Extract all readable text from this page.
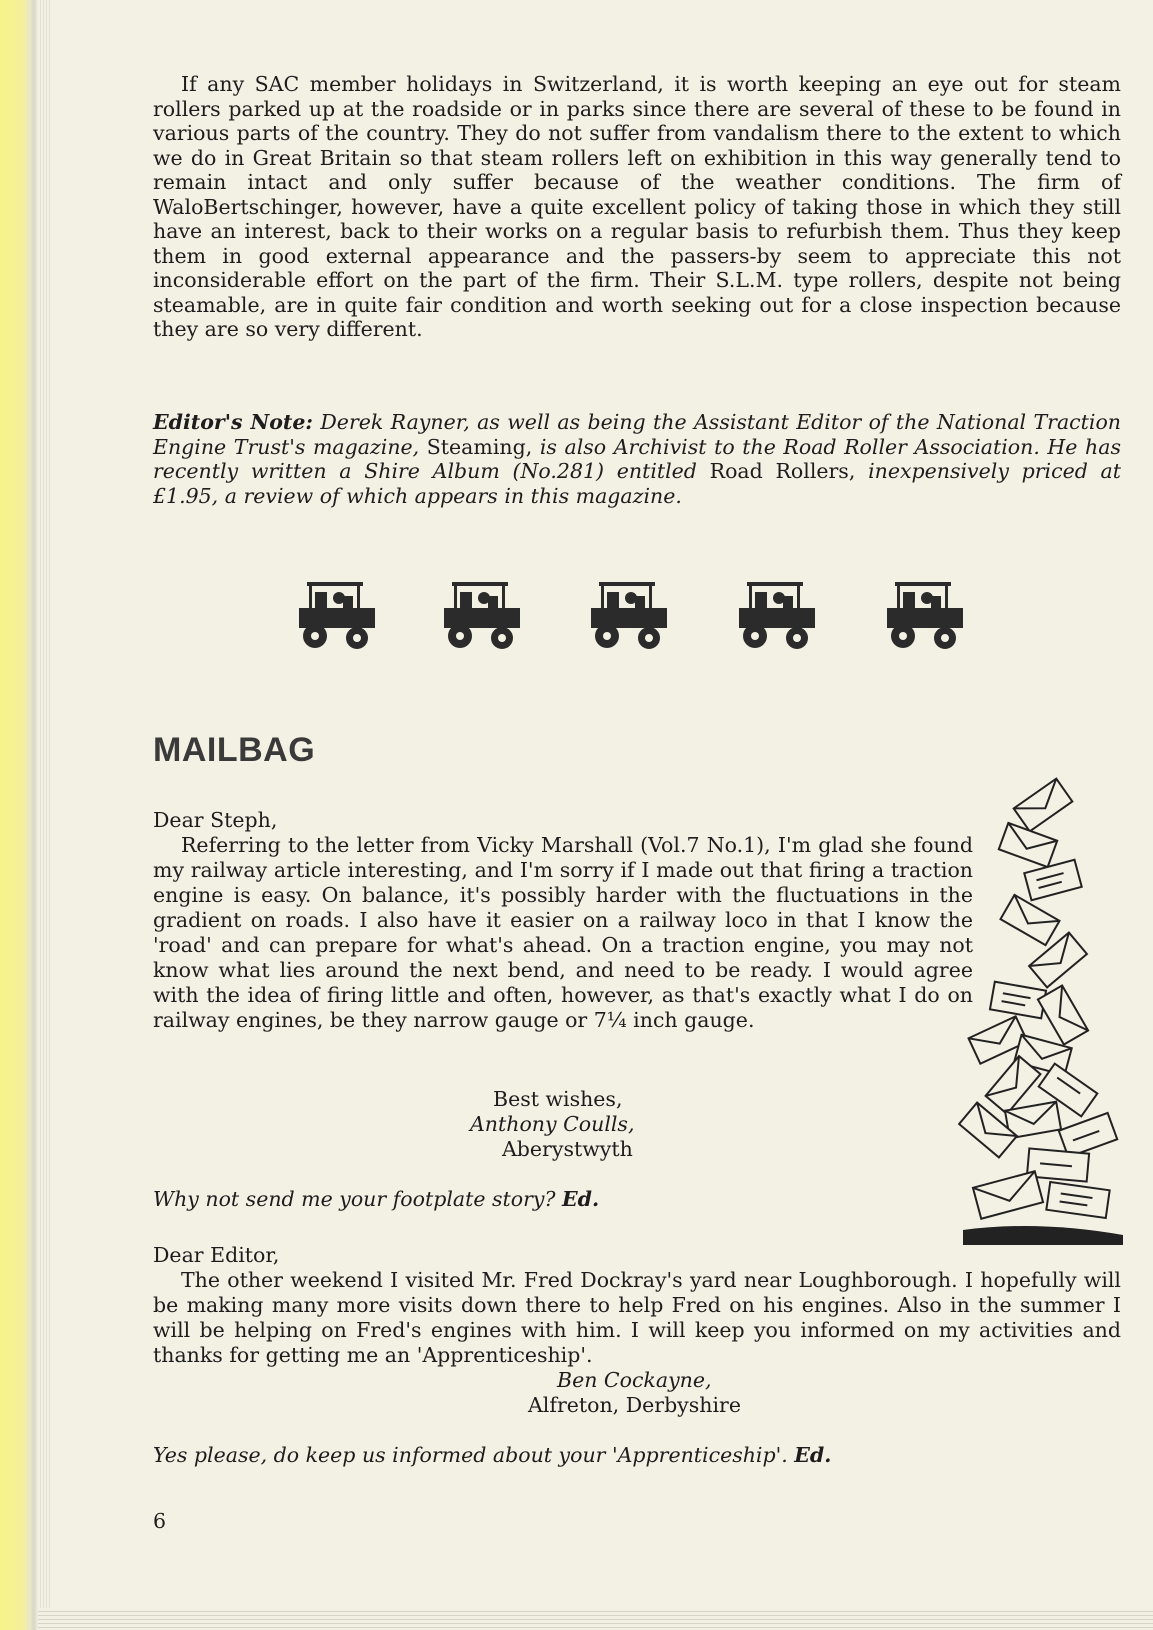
If any SAC member holidays in Switzerland, it is worth keeping an eye out for steam rollers parked up at the roadside or in parks since there are several of these to be found in various parts of the country. They do not suffer from vandalism there to the extent to which we do in Great Britain so that steam rollers left on exhibition in this way generally tend to remain intact and only suffer because of the weather conditions. The firm of WaloBertschinger, however, have a quite excellent policy of taking those in which they still have an interest, back to their works on a regular basis to refurbish them. Thus they keep them in good external appearance and the passers-by seem to appreciate this not inconsiderable effort on the part of the firm. Their S.L.M. type rollers, despite not being steamable, are in quite fair condition and worth seeking out for a close inspection because they are so very different.

Editor's Note: Derek Rayner, as well as being the Assistant Editor of the National Traction Engine Trust's magazine, Steaming, is also Archivist to the Road Roller Association. He has recently written a Shire Album (No.281) entitled Road Rollers, inexpensively priced at £1.95, a review of which appears in this magazine.

MAILBAG

Dear Steph,

Referring to the letter from Vicky Marshall (Vol.7 No.1), I'm glad she found my railway article interesting, and I'm sorry if I made out that firing a traction engine is easy. On balance, it's possibly harder with the fluctuations in the gradient on roads. I also have it easier on a railway loco in that I know the 'road' and can prepare for what's ahead. On a traction engine, you may not know what lies around the next bend, and need to be ready. I would agree with the idea of firing little and often, however, as that's exactly what I do on railway engines, be they narrow gauge or 7¼ inch gauge.

Best wishes,

Anthony Coulls,

Aberystwyth

Why not send me your footplate story? Ed.

Dear Editor,

The other weekend I visited Mr. Fred Dockray's yard near Loughborough. I hopefully will be making many more visits down there to help Fred on his engines. Also in the summer I will be helping on Fred's engines with him. I will keep you informed on my activities and thanks for getting me an 'Apprenticeship'.

Ben Cockayne,

Alfreton, Derbyshire

Yes please, do keep us informed about your 'Apprenticeship'. Ed.

6
